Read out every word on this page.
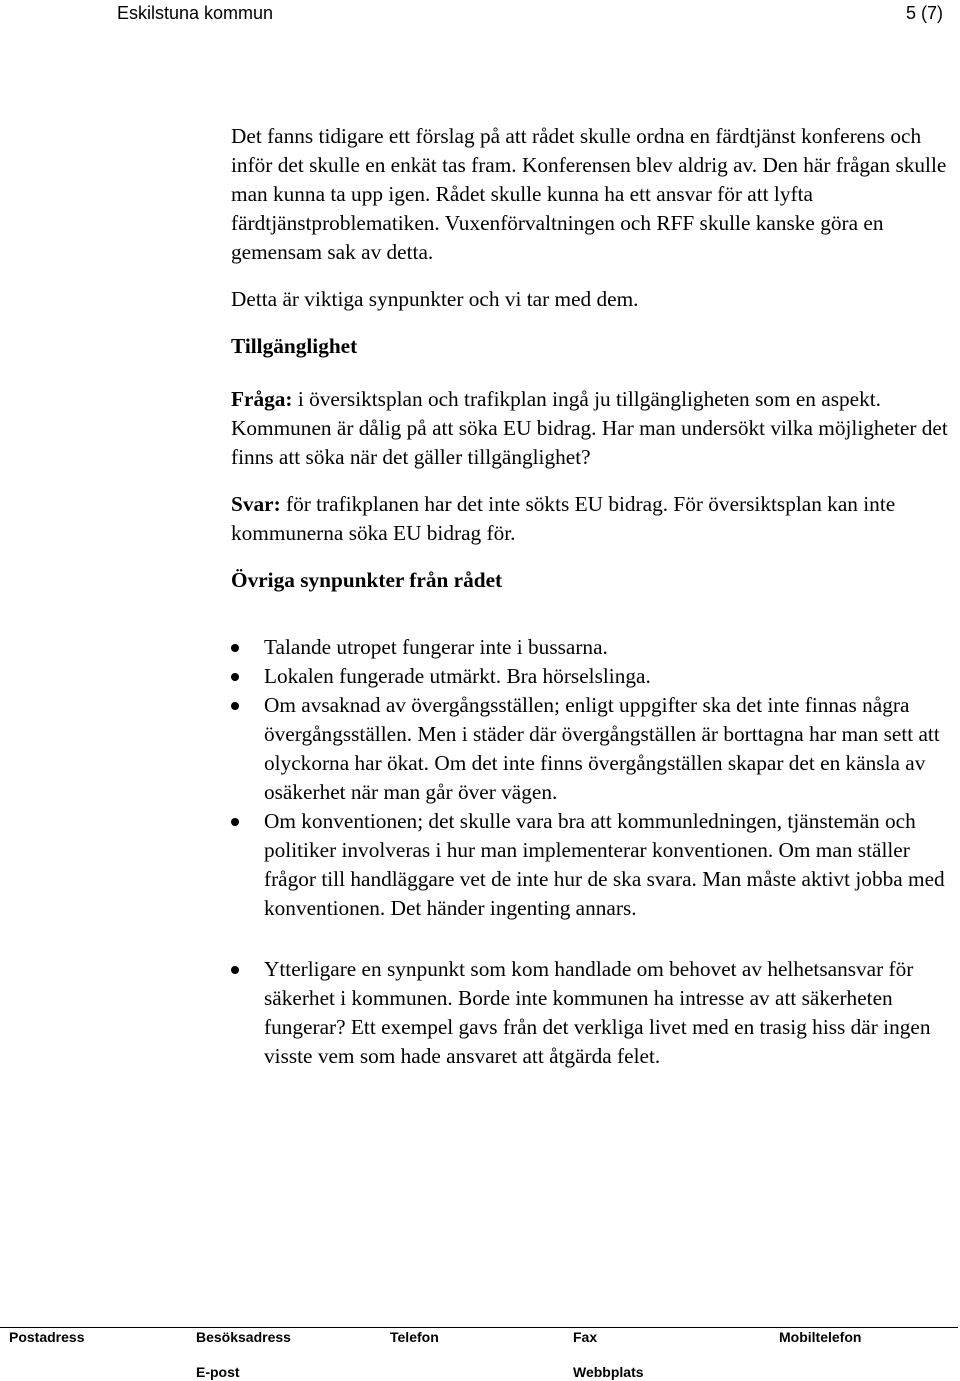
Eskilstuna kommun	5 (7)

Det fanns tidigare ett förslag på att rådet skulle ordna en färdtjänst konferens och inför det skulle en enkät tas fram. Konferensen blev aldrig av. Den här frågan skulle man kunna ta upp igen. Rådet skulle kunna ha ett ansvar för att lyfta färdtjänstproblematiken. Vuxenförvaltningen och RFF skulle kanske göra en gemensam sak av detta.

Detta är viktiga synpunkter och vi tar med dem.

Tillgänglighet

Fråga: i översiktsplan och trafikplan ingå ju tillgängligheten som en aspekt. Kommunen är dålig på att söka EU bidrag. Har man undersökt vilka möjligheter det finns att söka när det gäller tillgänglighet?

Svar: för trafikplanen har det inte sökts EU bidrag. För översiktsplan kan inte kommunerna söka EU bidrag för.

Övriga synpunkter från rådet
Talande utropet fungerar inte i bussarna.
Lokalen fungerade utmärkt. Bra hörselslinga.
Om avsaknad av övergångsställen; enligt uppgifter ska det inte finnas några övergångsställen. Men i städer där övergångställen är borttagna har man sett att olyckorna har ökat. Om det inte finns övergångställen skapar det en känsla av osäkerhet när man går över vägen.
Om konventionen; det skulle vara bra att kommunledningen, tjänstemän och politiker involveras i hur man implementerar konventionen. Om man ställer frågor till handläggare vet de inte hur de ska svara. Man måste aktivt jobba med konventionen. Det händer ingenting annars.
Ytterligare en synpunkt som kom handlade om behovet av helhetsansvar för säkerhet i kommunen. Borde inte kommunen ha intresse av att säkerheten fungerar? Ett exempel gavs från det verkliga livet med en trasig hiss där ingen visste vem som hade ansvaret att åtgärda felet.
Postadress	Besöksadress	Telefon	Fax	Mobiltelefon
E-post	Webbplats
